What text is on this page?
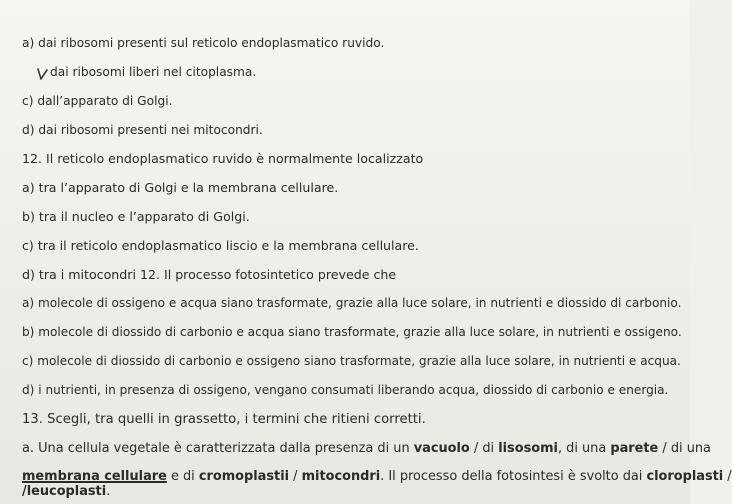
a) dai ribosomi presenti sul reticolo endoplasmatico ruvido.
dai ribosomi liberi nel citoplasma.
c) dall’apparato di Golgi.
d) dai ribosomi presenti nei mitocondri.
12. Il reticolo endoplasmatico ruvido è normalmente localizzato
a) tra l’apparato di Golgi e la membrana cellulare.
b) tra il nucleo e l’apparato di Golgi.
c) tra il reticolo endoplasmatico liscio e la membrana cellulare.
d) tra i mitocondri 12. Il processo fotosintetico prevede che
a) molecole di ossigeno e acqua siano trasformate, grazie alla luce solare, in nutrienti e diossido di carbonio.
b) molecole di diossido di carbonio e acqua siano trasformate, grazie alla luce solare, in nutrienti e ossigeno.
c) molecole di diossido di carbonio e ossigeno siano trasformate, grazie alla luce solare, in nutrienti e acqua.
d) i nutrienti, in presenza di ossigeno, vengano consumati liberando acqua, diossido di carbonio e energia.
13. Scegli, tra quelli in grassetto, i termini che ritieni corretti.
a. Una cellula vegetale è caratterizzata dalla presenza di un vacuolo / di lisosomi, di una parete / di una
membrana cellulare e di cromoplastii / mitocondri. Il processo della fotosintesi è svolto dai cloroplasti /
/leucoplasti.
